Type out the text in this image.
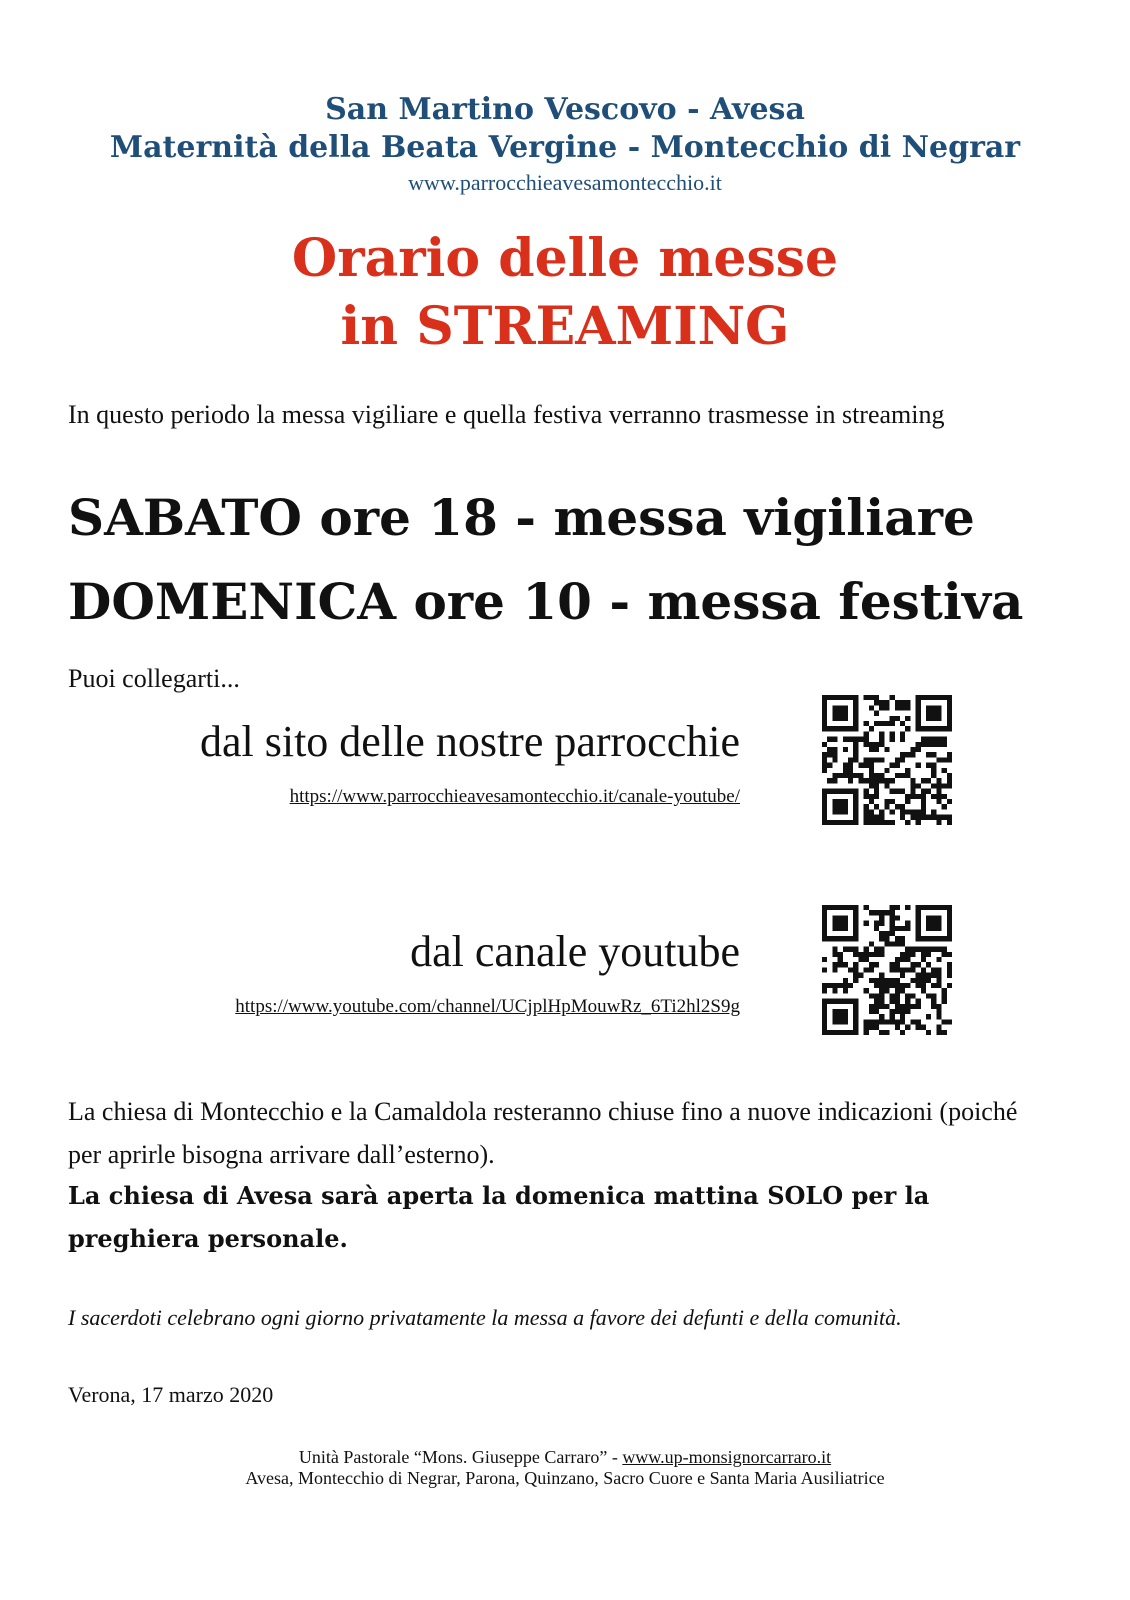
San Martino Vescovo - Avesa
Maternità della Beata Vergine - Montecchio di Negrar
www.parrocchieavesamontecchio.it
Orario delle messe
in STREAMING
In questo periodo la messa vigiliare e quella festiva verranno trasmesse in streaming
SABATO ore 18 - messa vigiliare
DOMENICA ore 10 - messa festiva
Puoi collegarti...
dal sito delle nostre parrocchie
https://www.parrocchieavesamontecchio.it/canale-youtube/
dal canale youtube
https://www.youtube.com/channel/UCjplHpMouwRz_6Ti2hl2S9g
La chiesa di Montecchio e la Camaldola resteranno chiuse fino a nuove indicazioni (poiché per aprirle bisogna arrivare dall’esterno).
La chiesa di Avesa sarà aperta la domenica mattina SOLO per la preghiera personale.
I sacerdoti celebrano ogni giorno privatamente la messa a favore dei defunti e della comunità.
Verona, 17 marzo 2020
Unità Pastorale “Mons. Giuseppe Carraro” - www.up-monsignorcarraro.it
Avesa, Montecchio di Negrar, Parona, Quinzano, Sacro Cuore e Santa Maria Ausiliatrice
